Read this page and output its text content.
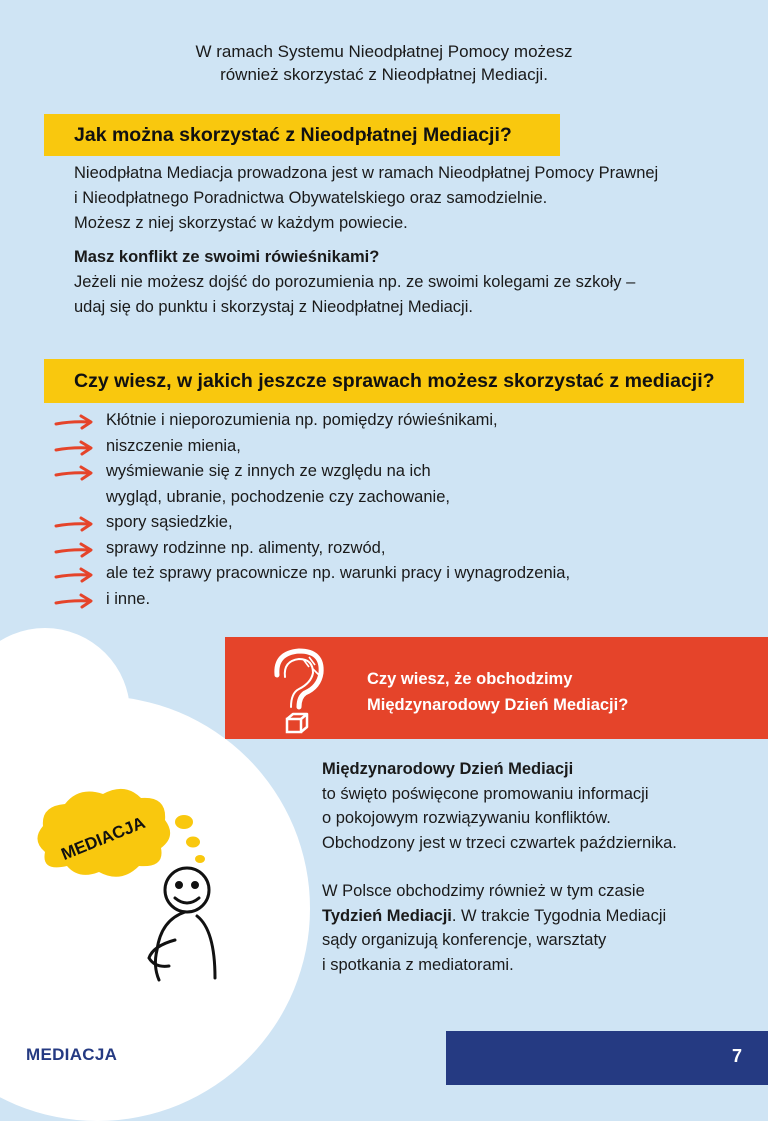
W ramach Systemu Nieodpłatnej Pomocy możesz
również skorzystać z Nieodpłatnej Mediacji.
Jak można skorzystać z Nieodpłatnej Mediacji?
Nieodpłatna Mediacja prowadzona jest w ramach Nieodpłatnej Pomocy Prawnej
i Nieodpłatnego Poradnictwa Obywatelskiego oraz samodzielnie.
Możesz z niej skorzystać w każdym powiecie.
Masz konflikt ze swoimi rówieśnikami?
Jeżeli nie możesz dojść do porozumienia np. ze swoimi kolegami ze szkoły –
udaj się do punktu i skorzystaj z Nieodpłatnej Mediacji.
Czy wiesz, w jakich jeszcze sprawach możesz skorzystać z mediacji?
Kłótnie i nieporozumienia np. pomiędzy rówieśnikami,
niszczenie mienia,
wyśmiewanie się z innych ze względu na ich
wygląd, ubranie, pochodzenie czy zachowanie,
spory sąsiedzkie,
sprawy rodzinne np. alimenty, rozwód,
ale też sprawy pracownicze np. warunki pracy i wynagrodzenia,
i inne.
Czy wiesz, że obchodzimy
Międzynarodowy Dzień Mediacji?
MEDIACJA
Międzynarodowy Dzień Mediacji
to święto poświęcone promowaniu informacji
o pokojowym rozwiązywaniu konfliktów.
Obchodzony jest w trzeci czwartek października.
W Polsce obchodzimy również w tym czasie
Tydzień Mediacji. W trakcie Tygodnia Mediacji
sądy organizują konferencje, warsztaty
i spotkania z mediatorami.
MEDIACJA	7
